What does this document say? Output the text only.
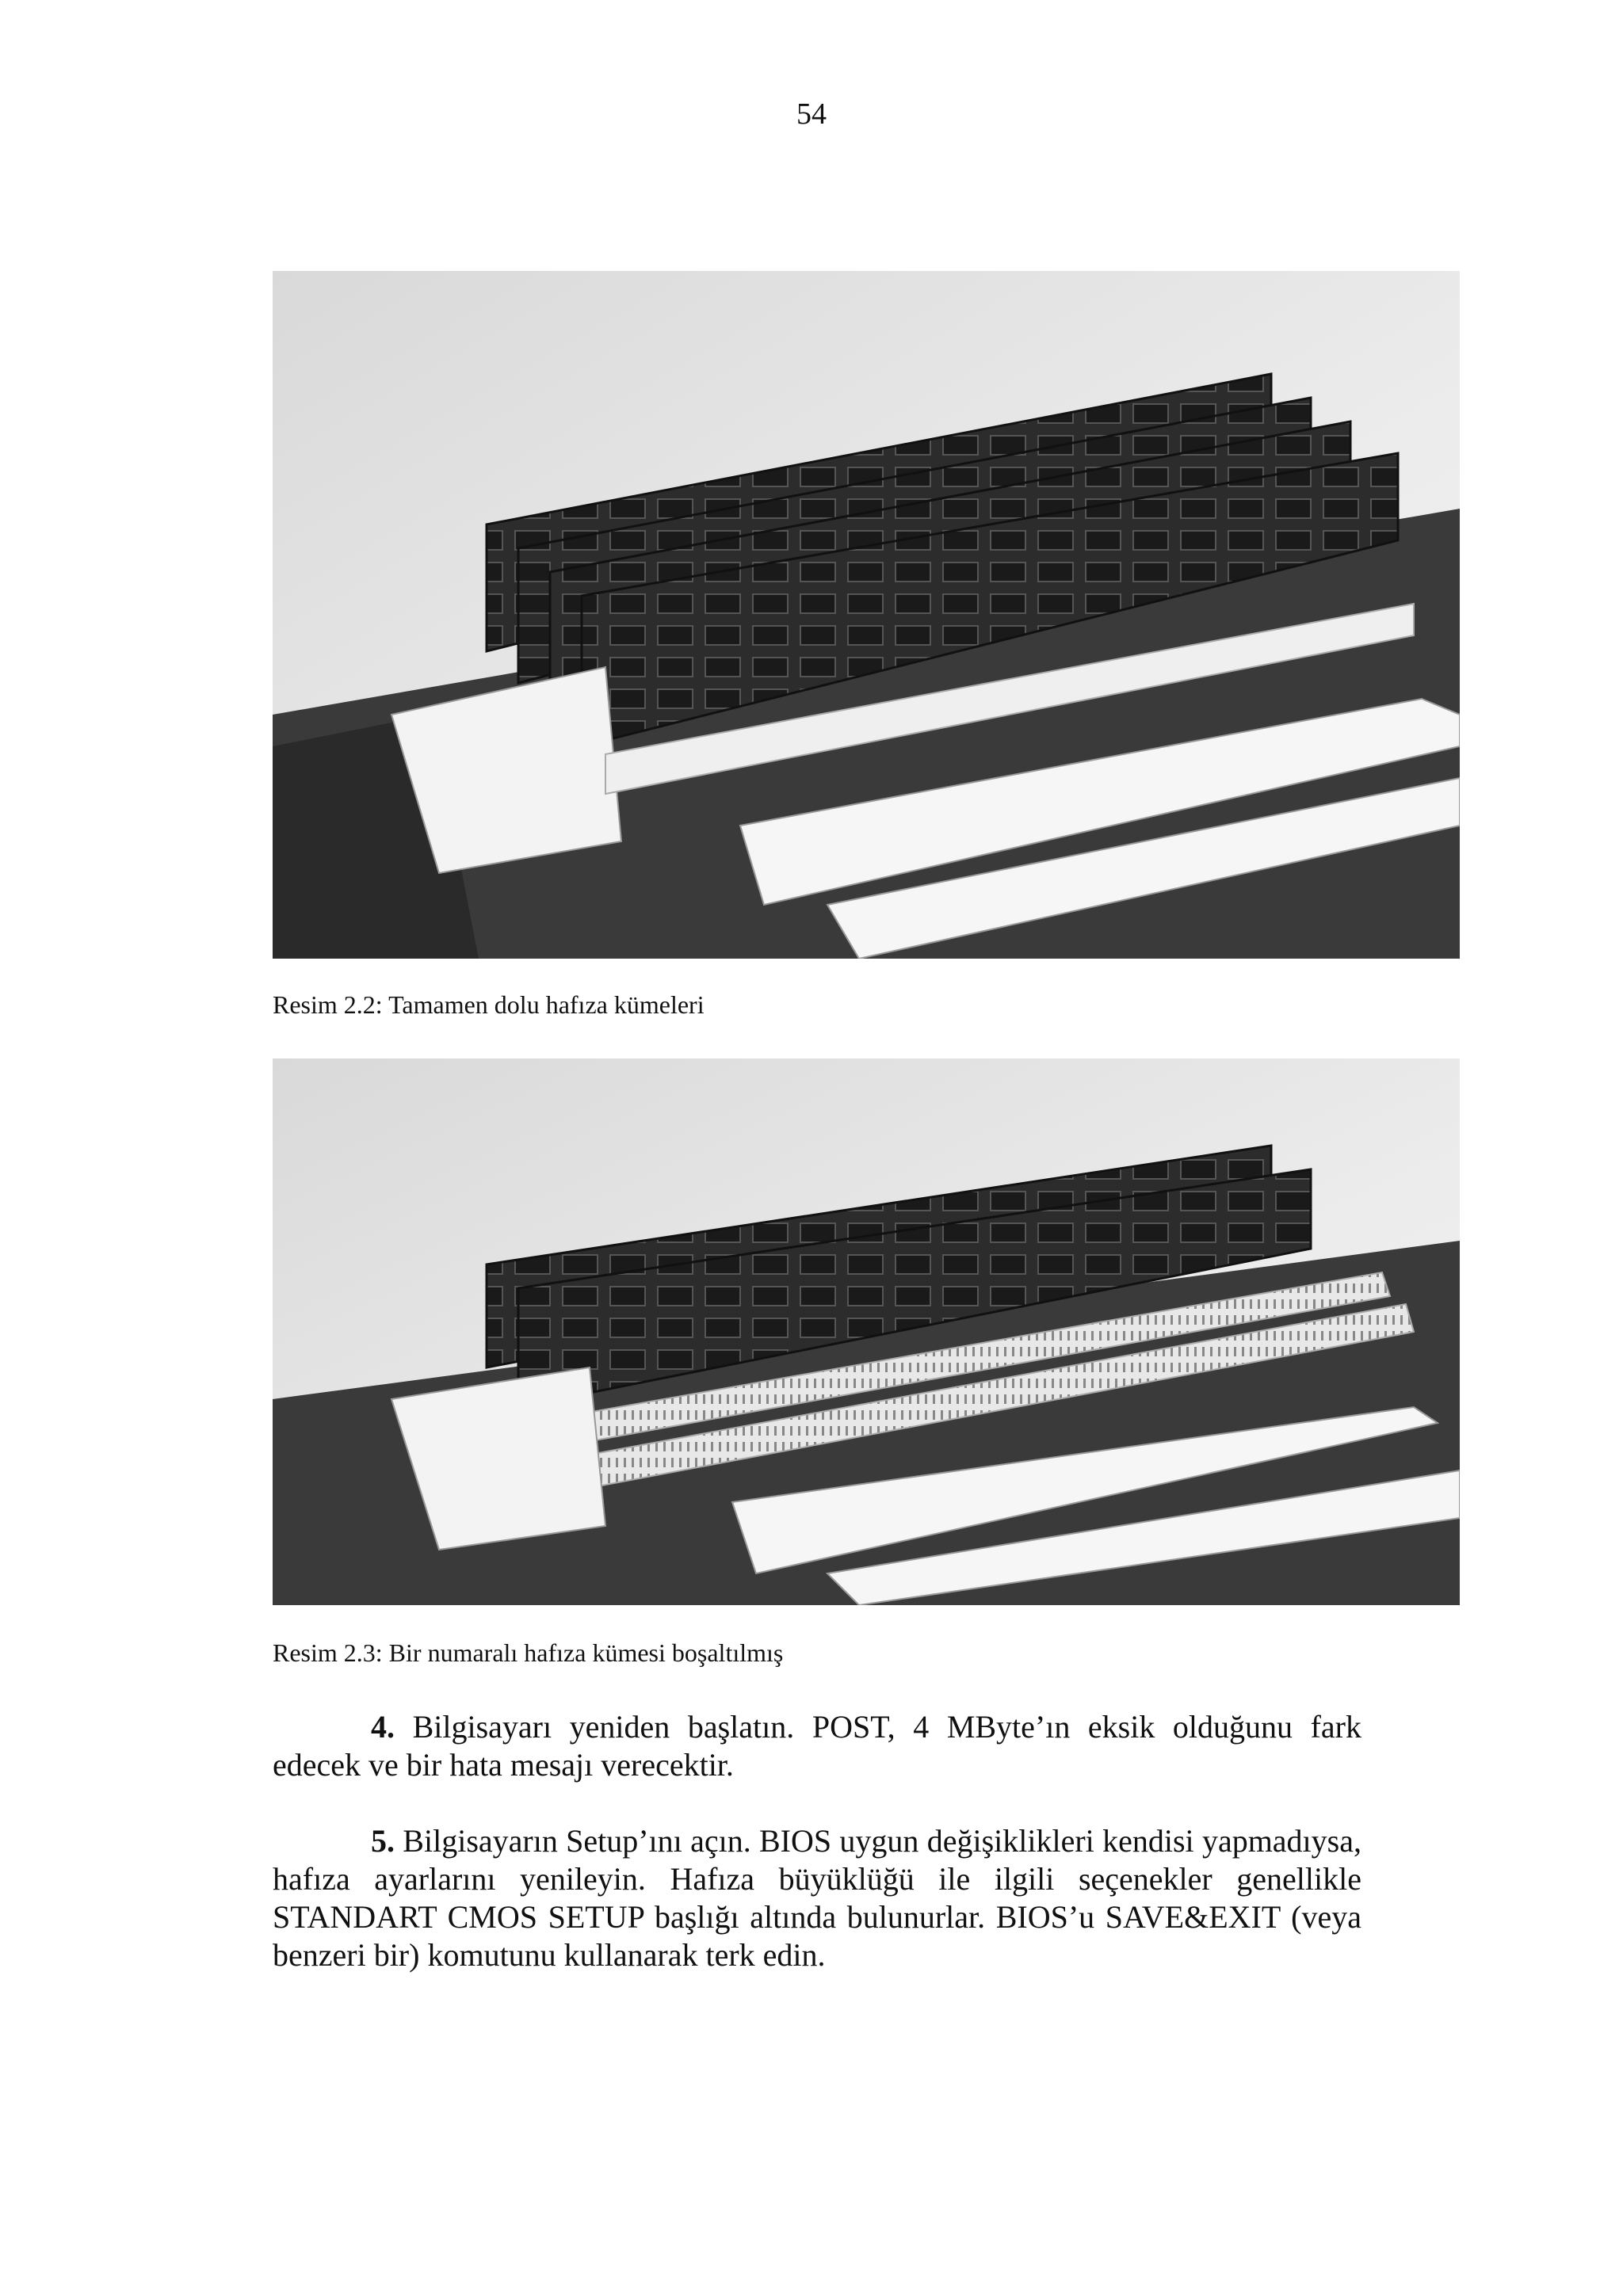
54
Resim 2.2: Tamamen dolu hafıza kümeleri
Resim 2.3: Bir numaralı hafıza kümesi boşaltılmış
4. Bilgisayarı yeniden başlatın. POST, 4 MByte’ın eksik olduğunu fark edecek ve bir hata mesajı verecektir.
5. Bilgisayarın Setup’ını açın. BIOS uygun değişiklikleri kendisi yapmadıysa, hafıza ayarlarını yenileyin. Hafıza büyüklüğü ile ilgili seçenekler genellikle STANDART CMOS SETUP başlığı altında bulunurlar. BIOS’u SAVE&EXIT (veya benzeri bir) komutunu kullanarak terk edin.
